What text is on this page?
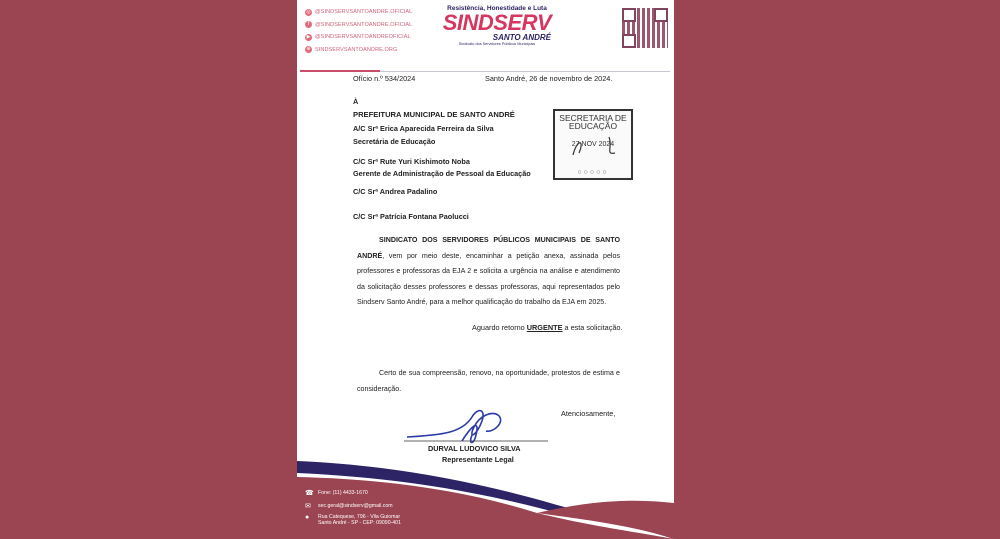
◎ @SINDSERVSANTOANDRE.OFICIAL
f	@SINDSERVSANTOANDRE.OFICIAL
▶ @SINDSERVSANTOANDREOFICIAL
⊕ SINDSERVSANTOANDRE.ORG
Resistência, Honestidade e Luta
SINDSERV
SANTO ANDRÉ
Sindicato dos Servidores Públicos Municipais
Ofício n.º 534/2024	Santo André, 26 de novembro de 2024.
À
PREFEITURA MUNICIPAL DE SANTO ANDRÉ
A/C Srª Erica Aparecida Ferreira da Silva
Secretária de Educação
C/C Srª Rute Yuri Kishimoto Noba
Gerente de Administração de Pessoal da Educação
C/C Srª Andrea Padalino
C/C Srª Patrícia Fontana Paolucci
SECRETARIA DE EDUCAÇÃO
27 NOV 2024
○○○○○
SINDICATO DOS SERVIDORES PÚBLICOS MUNICIPAIS DE SANTO ANDRÉ, vem por meio deste, encaminhar a petição anexa, assinada pelos professores e professoras da EJA 2 e solicita a urgência na análise e atendimento da solicitação desses professores e dessas professoras, aqui representados pelo Sindserv Santo André, para a melhor qualificação do trabalho da EJA em 2025.
Aguardo retorno URGENTE a esta solicitação.
Certo de sua compreensão, renovo, na oportunidade, protestos de estima e consideração.
Atenciosamente,
DURVAL LUDOVICO SILVA
Representante Legal
☎ Fone: (11) 4433-1670
✉	sec.geral@sindserv@gmail.com
●	Rua Catequese, 796 - Vila Guiomar
Santo André - SP - CEP: 09090-401
